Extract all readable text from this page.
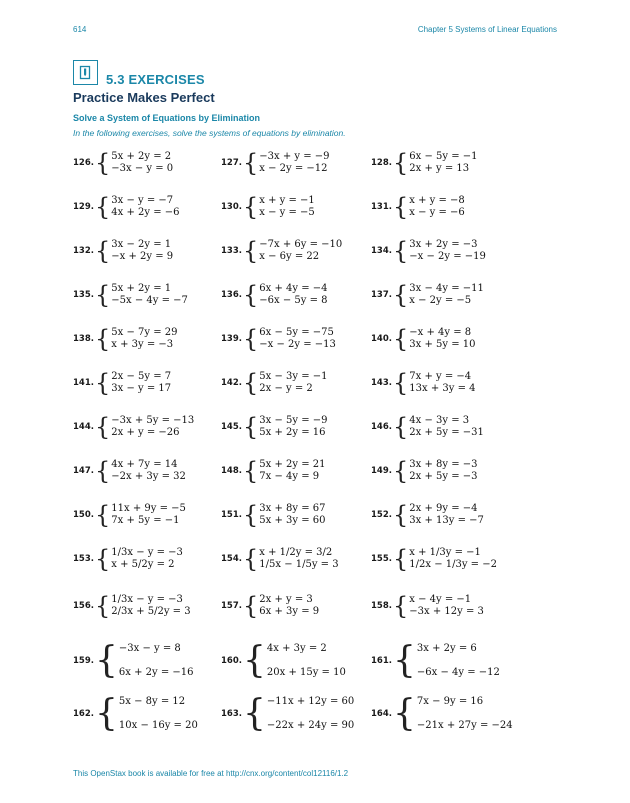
614	Chapter 5 Systems of Linear Equations
5.3 EXERCISES
Practice Makes Perfect
Solve a System of Equations by Elimination
In the following exercises, solve the systems of equations by elimination.
126. { 5x + 2y = 2
−3x − y = 0	127. { −3x + y = −9
x − 2y = −12	128. { 6x − 5y = −1
2x + y = 13
129. { 3x − y = −7
4x + 2y = −6	130. { x + y = −1
x − y = −5	131. { x + y = −8
x − y = −6
132. { 3x − 2y = 1
−x + 2y = 9	133. { −7x + 6y = −10
x − 6y = 22	134. { 3x + 2y = −3
−x − 2y = −19
135. { 5x + 2y = 1
−5x − 4y = −7	136. { 6x + 4y = −4
−6x − 5y = 8	137. { 3x − 4y = −11
x − 2y = −5
138. { 5x − 7y = 29
x + 3y = −3	139. { 6x − 5y = −75
−x − 2y = −13	140. { −x + 4y = 8
3x + 5y = 10
141. { 2x − 5y = 7
3x − y = 17	142. { 5x − 3y = −1
2x − y = 2	143. { 7x + y = −4
13x + 3y = 4
144. { −3x + 5y = −13
2x + y = −26	145. { 3x − 5y = −9
5x + 2y = 16	146. { 4x − 3y = 3
2x + 5y = −31
147. { 4x + 7y = 14
−2x + 3y = 32	148. { 5x + 2y = 21
7x − 4y = 9	149. { 3x + 8y = −3
2x + 5y = −3
150. { 11x + 9y = −5
7x + 5y = −1	151. { 3x + 8y = 67
5x + 3y = 60	152. { 2x + 9y = −4
3x + 13y = −7
153. { 1/3x − y = −3
x + 5/2y = 2	154. { x + 1/2y = 3/2
1/5x − 1/5y = 3	155. { x + 1/3y = −1
1/2x − 1/3y = −2
156. { 1/3x − y = −3
2/3x + 5/2y = 3	157. { 2x + y = 3
6x + 3y = 9	158. { x − 4y = −1
−3x + 12y = 3
159. { −3x − y = 8
6x + 2y = −16
160. { 4x + 3y = 2
20x + 15y = 10
161. { 3x + 2y = 6
−6x − 4y = −12
162. { 5x − 8y = 12
10x − 16y = 20
163. { −11x + 12y = 60
−22x + 24y = 90
164. { 7x − 9y = 16
−21x + 27y = −24
This OpenStax book is available for free at http://cnx.org/content/col12116/1.2
